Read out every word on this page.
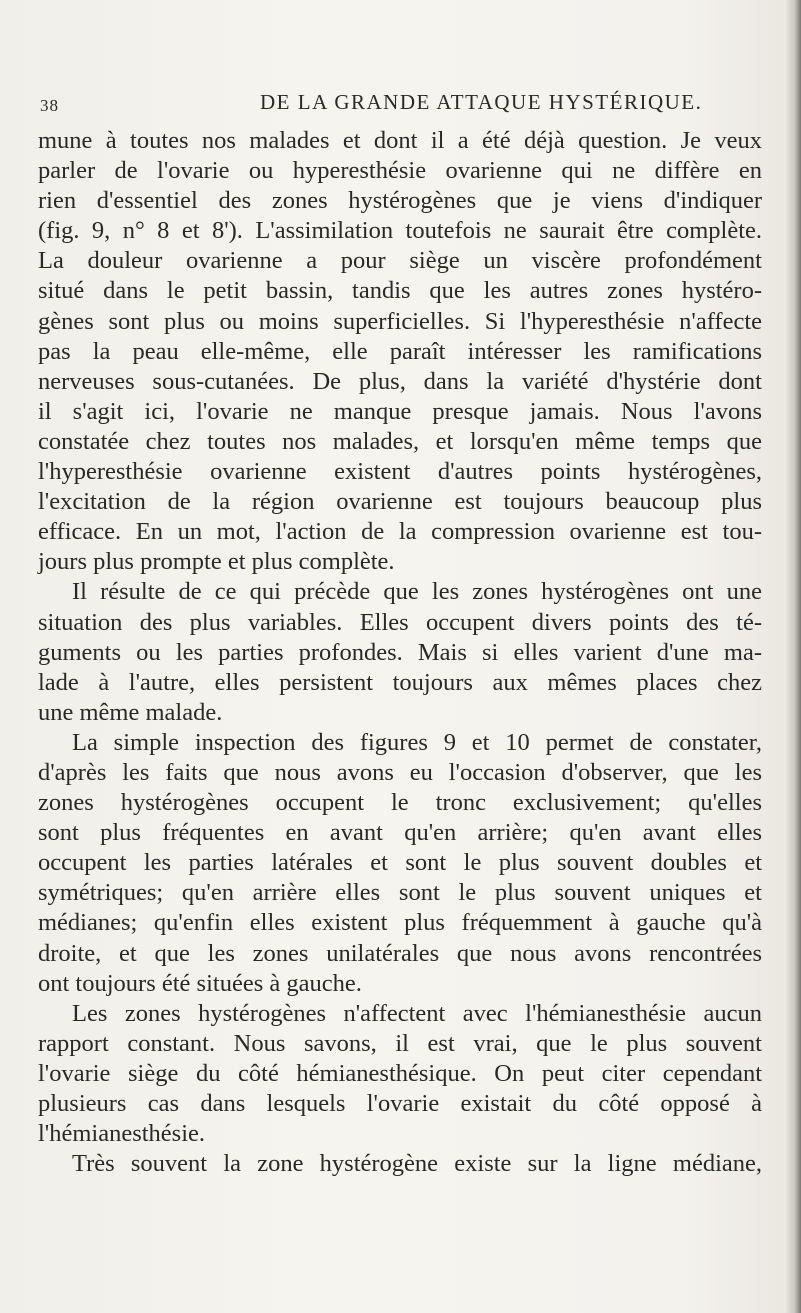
38	DE LA GRANDE ATTAQUE HYSTÉRIQUE.
mune à toutes nos malades et dont il a été déjà question. Je veux
parler de l'ovarie ou hyperesthésie ovarienne qui ne diffère en
rien d'essentiel des zones hystérogènes que je viens d'indiquer
(fig. 9, n° 8 et 8'). L'assimilation toutefois ne saurait être complète.
La douleur ovarienne a pour siège un viscère profondément
situé dans le petit bassin, tandis que les autres zones hystéro-
gènes sont plus ou moins superficielles. Si l'hyperesthésie n'affecte
pas la peau elle-même, elle paraît intéresser les ramifications
nerveuses sous-cutanées. De plus, dans la variété d'hystérie dont
il s'agit ici, l'ovarie ne manque presque jamais. Nous l'avons
constatée chez toutes nos malades, et lorsqu'en même temps que
l'hyperesthésie ovarienne existent d'autres points hystérogènes,
l'excitation de la région ovarienne est toujours beaucoup plus
efficace. En un mot, l'action de la compression ovarienne est tou-
jours plus prompte et plus complète.
Il résulte de ce qui précède que les zones hystérogènes ont une
situation des plus variables. Elles occupent divers points des té-
guments ou les parties profondes. Mais si elles varient d'une ma-
lade à l'autre, elles persistent toujours aux mêmes places chez
une même malade.
La simple inspection des figures 9 et 10 permet de constater,
d'après les faits que nous avons eu l'occasion d'observer, que les
zones hystérogènes occupent le tronc exclusivement; qu'elles
sont plus fréquentes en avant qu'en arrière; qu'en avant elles
occupent les parties latérales et sont le plus souvent doubles et
symétriques; qu'en arrière elles sont le plus souvent uniques et
médianes; qu'enfin elles existent plus fréquemment à gauche qu'à
droite, et que les zones unilatérales que nous avons rencontrées
ont toujours été situées à gauche.
Les zones hystérogènes n'affectent avec l'hémianesthésie aucun
rapport constant. Nous savons, il est vrai, que le plus souvent
l'ovarie siège du côté hémianesthésique. On peut citer cependant
plusieurs cas dans lesquels l'ovarie existait du côté opposé à
l'hémianesthésie.
Très souvent la zone hystérogène existe sur la ligne médiane,
